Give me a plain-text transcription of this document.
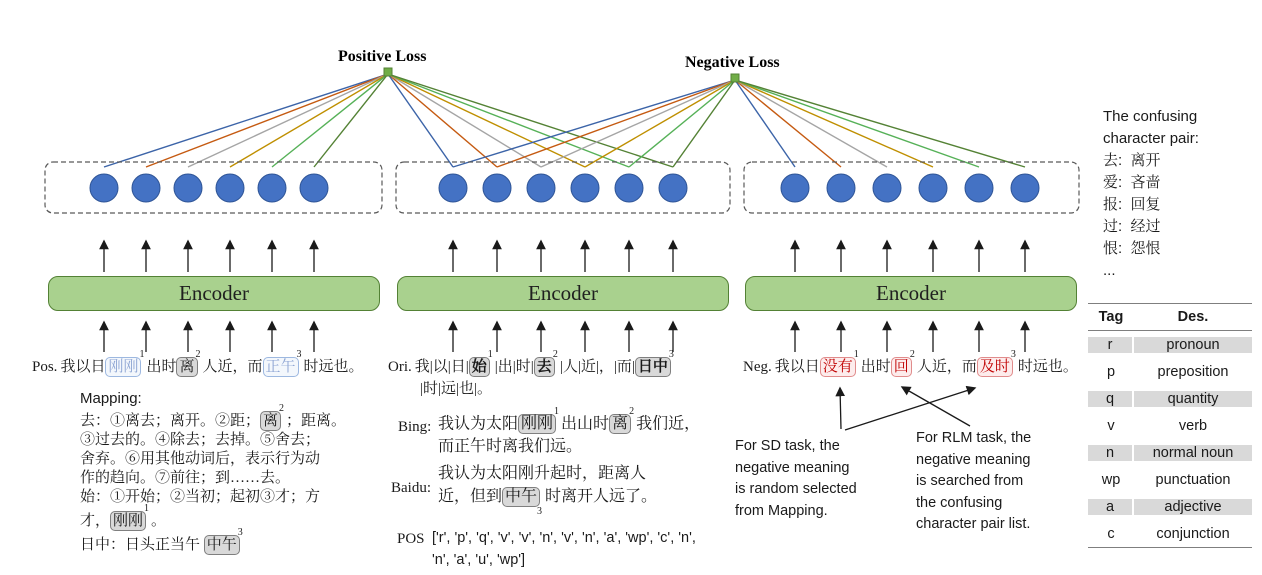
Positive Loss	Negative Loss
Encoder	Encoder	Encoder
Pos. 我以日 刚刚$^1$出时 离$^2$人近，而 正午$^3$时远也。 Ori. 我|以|日| 始$^1$|出|时| 去$^2$|人|近|，|而| 日中$^3$
|时|远|也|。
Neg. 我以日 没有$^1$出时 回$^2$人近，而 及时$^3$时远也。
Mapping:
去：①离去；离开。②距； 离$^2$；距离。
③过去的。④除去；去掉。⑤舍去；
舍弃。⑥用其他动词后，表示行为动
作的趋向。⑦前往；到……去。
始：①开始；②当初；起初③才；方
才， 刚刚$^1$。
日中：日头正当午 中午$^3$
Bing: 我认为太阳 刚刚$^1$出山时 离$^2$我们近，
而正午时离我们远。
Baidu:
我认为太阳刚升起时，距离人
近，但到 中午$_3$时离开人远了。
POS ['r', 'p', 'q', 'v', 'v', 'n', 'v', 'n', 'a', 'wp', 'c', 'n',
'n', 'a', 'u', 'wp']
For SD task, the
negative meaning
is random selected
from Mapping.
For RLM task, the
negative meaning
is searched from
the confusing
character pair list.
The confusing
character pair:
去:  离开
爱:  吝啬
报:  回复
过:  经过
恨:  怨恨
...
Tag	Des.
r	pronoun
p	preposition
q	quantity
v	verb
n	normal noun
wp	punctuation
a	adjective
c	conjunction
